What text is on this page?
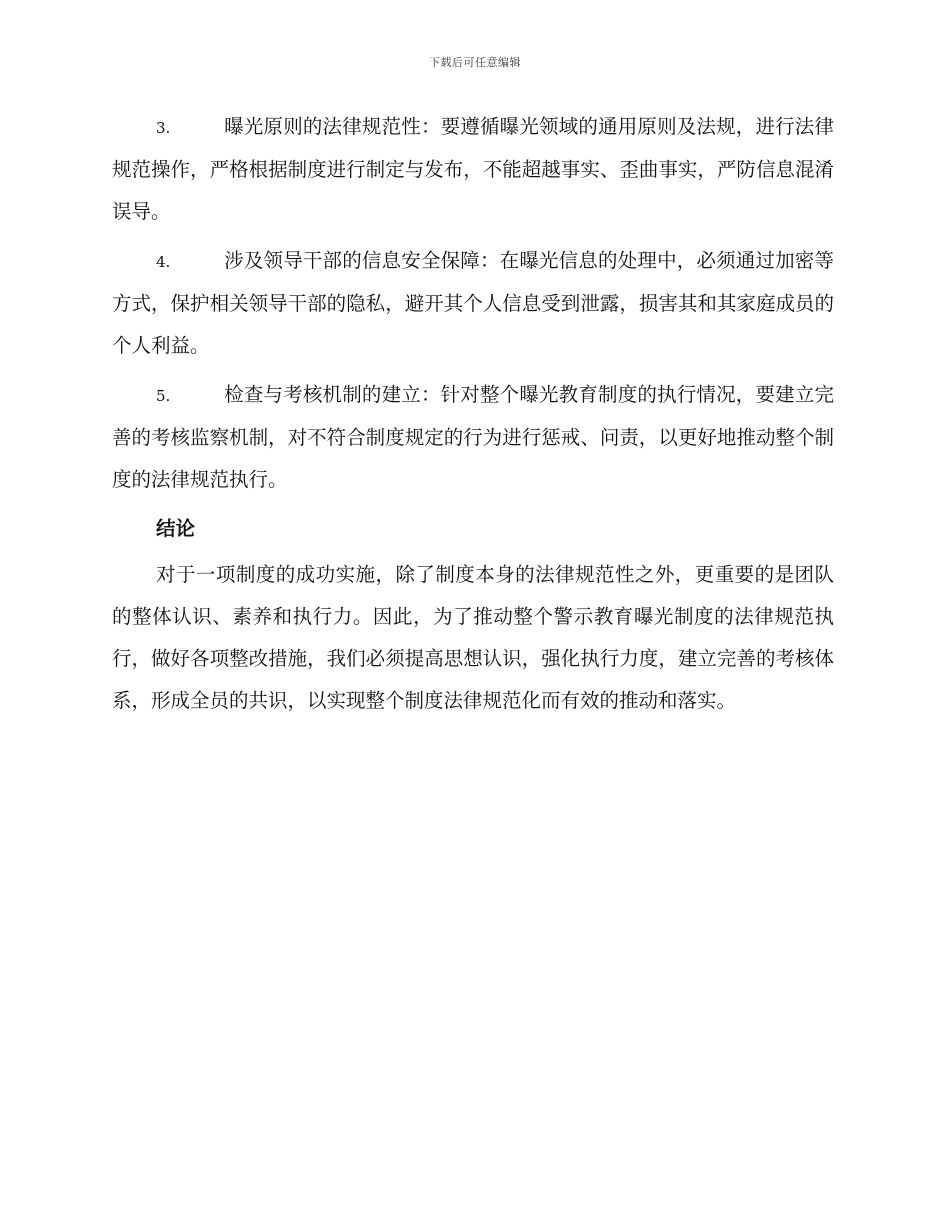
下载后可任意编辑

3.	曝光原则的法律规范性：要遵循曝光领域的通用原则及法规，进行法律规范操作，严格根据制度进行制定与发布，不能超越事实、歪曲事实，严防信息混淆误导。

4.	涉及领导干部的信息安全保障：在曝光信息的处理中，必须通过加密等方式，保护相关领导干部的隐私，避开其个人信息受到泄露，损害其和其家庭成员的个人利益。

5.	检查与考核机制的建立：针对整个曝光教育制度的执行情况，要建立完善的考核监察机制，对不符合制度规定的行为进行惩戒、问责，以更好地推动整个制度的法律规范执行。

结论

对于一项制度的成功实施，除了制度本身的法律规范性之外，更重要的是团队的整体认识、素养和执行力。因此，为了推动整个警示教育曝光制度的法律规范执行，做好各项整改措施，我们必须提高思想认识，强化执行力度，建立完善的考核体系，形成全员的共识，以实现整个制度法律规范化而有效的推动和落实。
